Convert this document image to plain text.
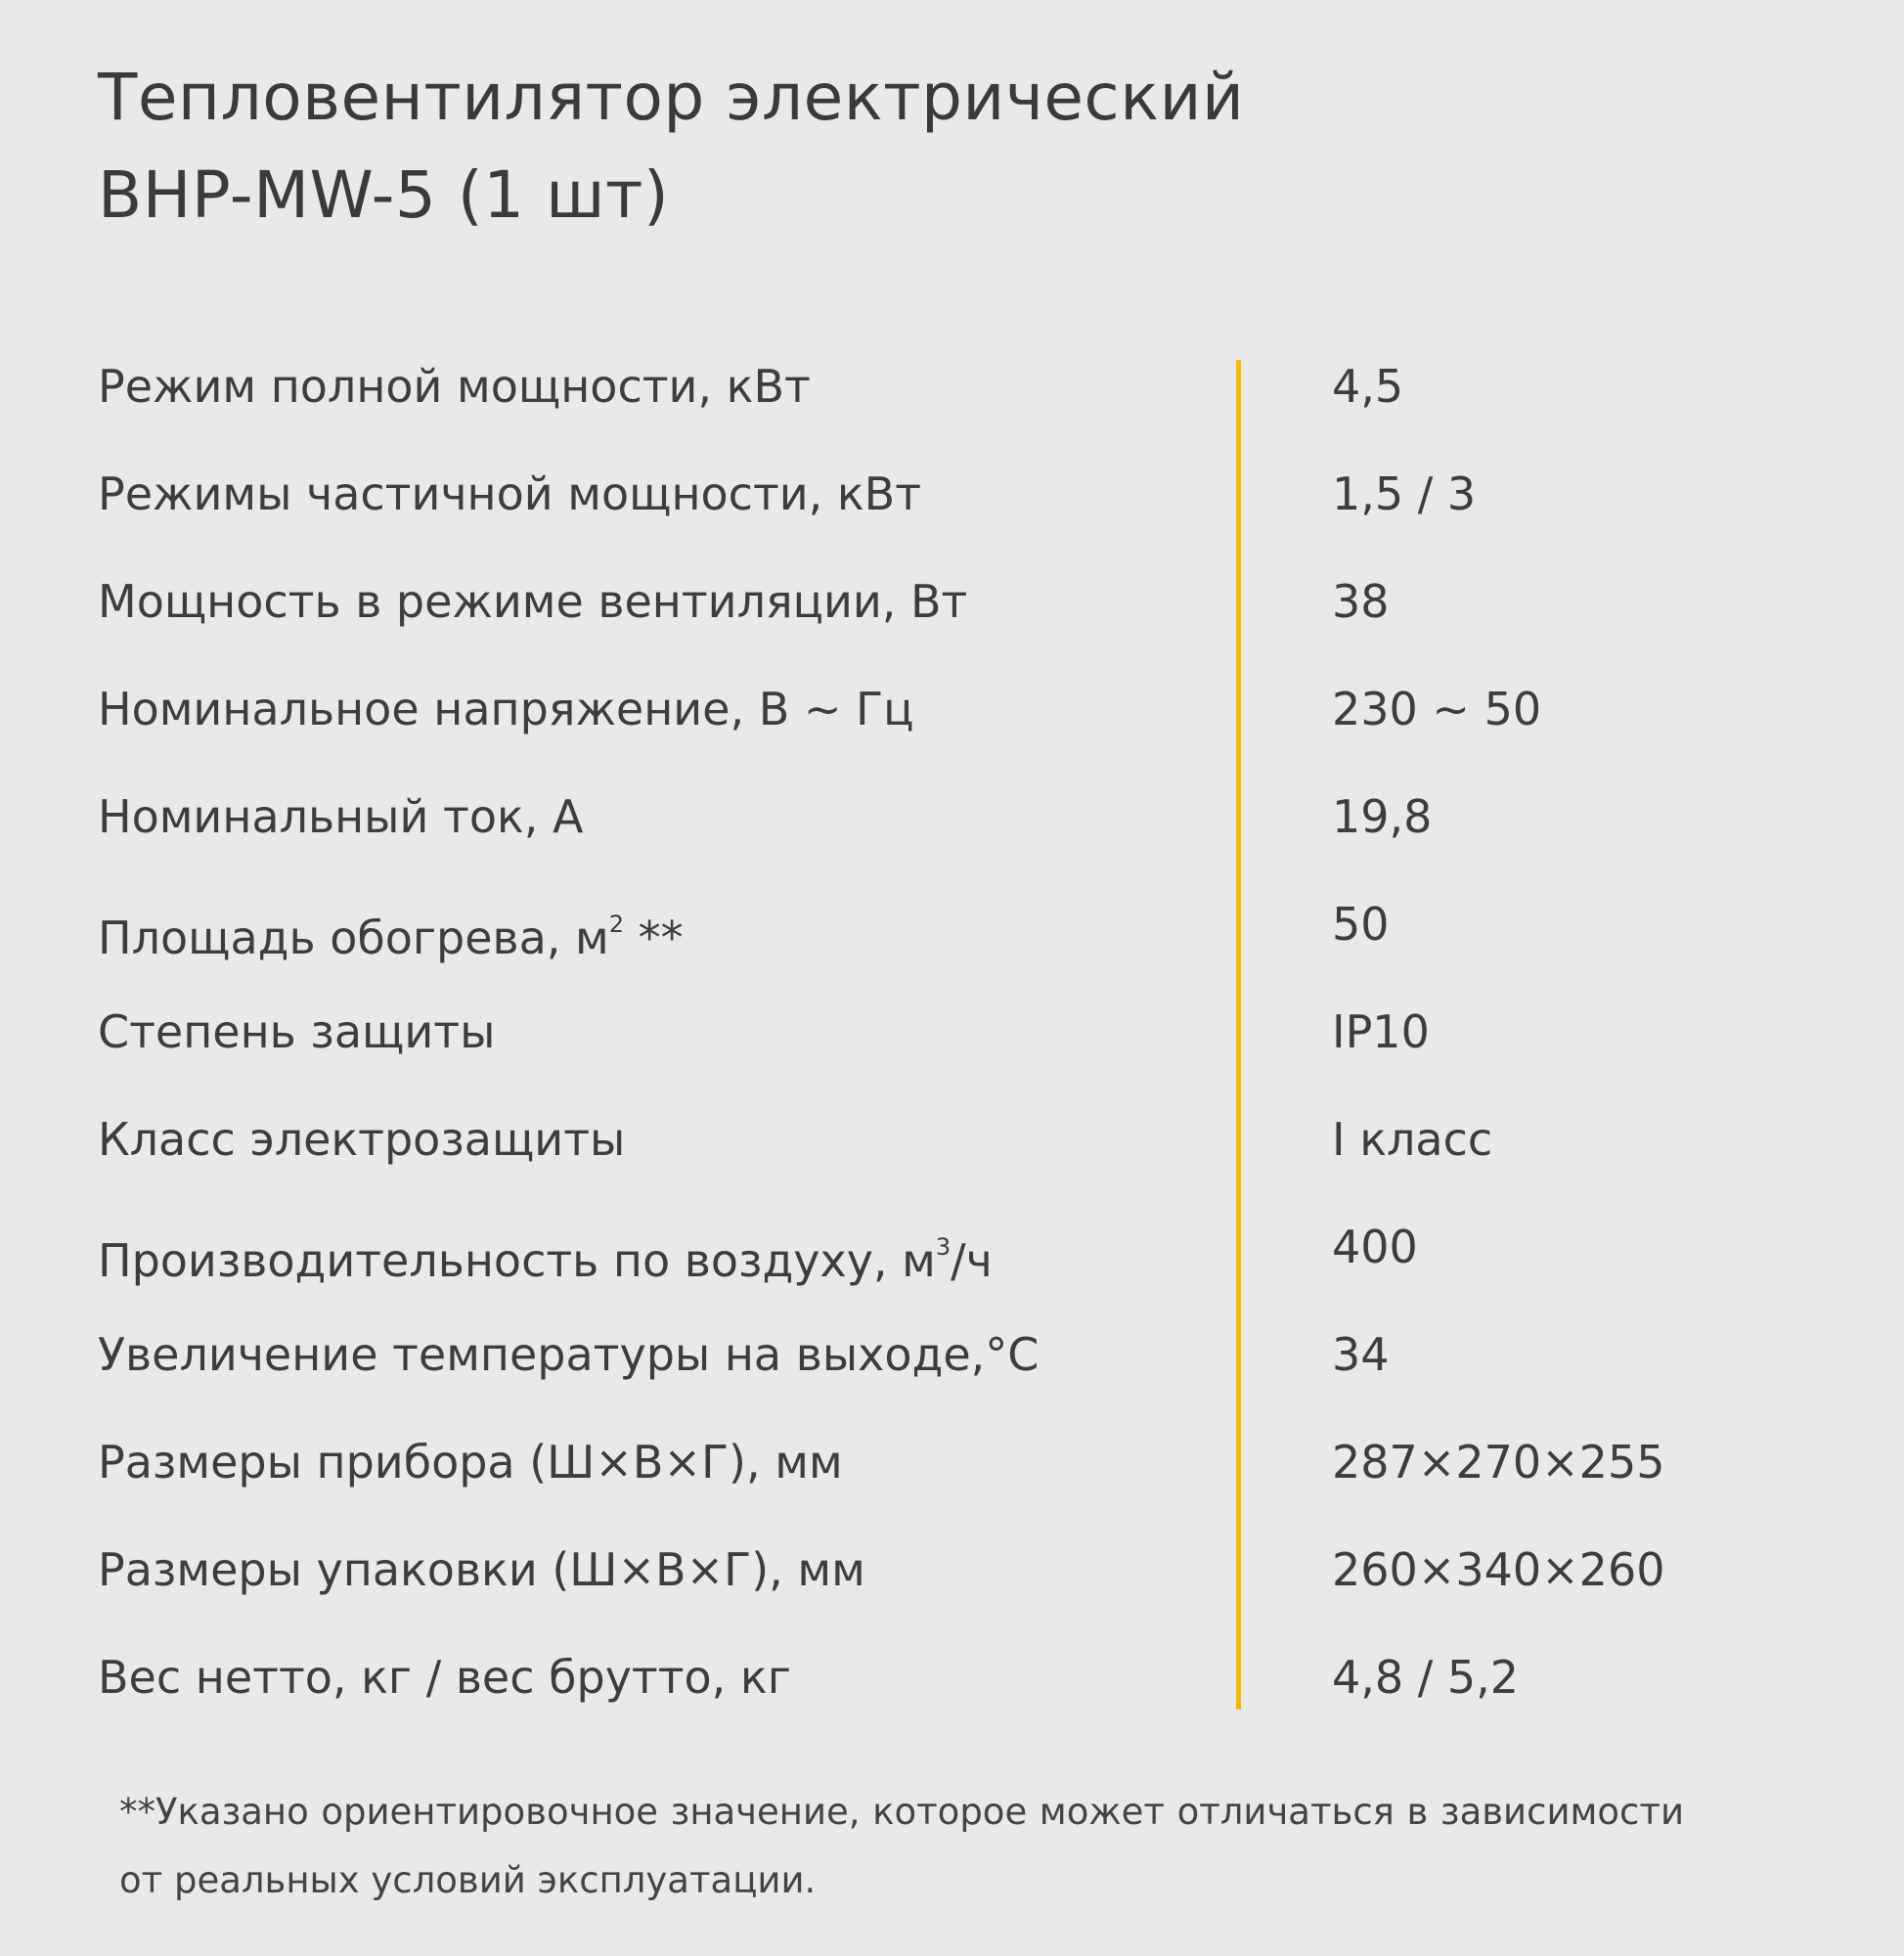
Тепловентилятор электрический
BHP-MW-5 (1 шт)
Режим полной мощности, кВт	4,5
Режимы частичной мощности, кВт	1,5 / 3
Мощность в режиме вентиляции, Вт	38
Номинальное напряжение, В ~ Гц	230 ~ 50
Номинальный ток, А	19,8
Площадь обогрева, $м^2$ **	50
Степень защиты	IP10
Класс электрозащиты	I класс
Производительность по воздуху, $м^3/ч$	400
Увеличение температуры на выходе,°С	34
Размеры прибора (Ш×В×Г), мм	287×270×255
Размеры упаковки (Ш×В×Г), мм	260×340×260
Вес нетто, кг / вес брутто, кг	4,8 / 5,2
**Указано ориентировочное значение, которое может отличаться в зависимости от реальных условий эксплуатации.
